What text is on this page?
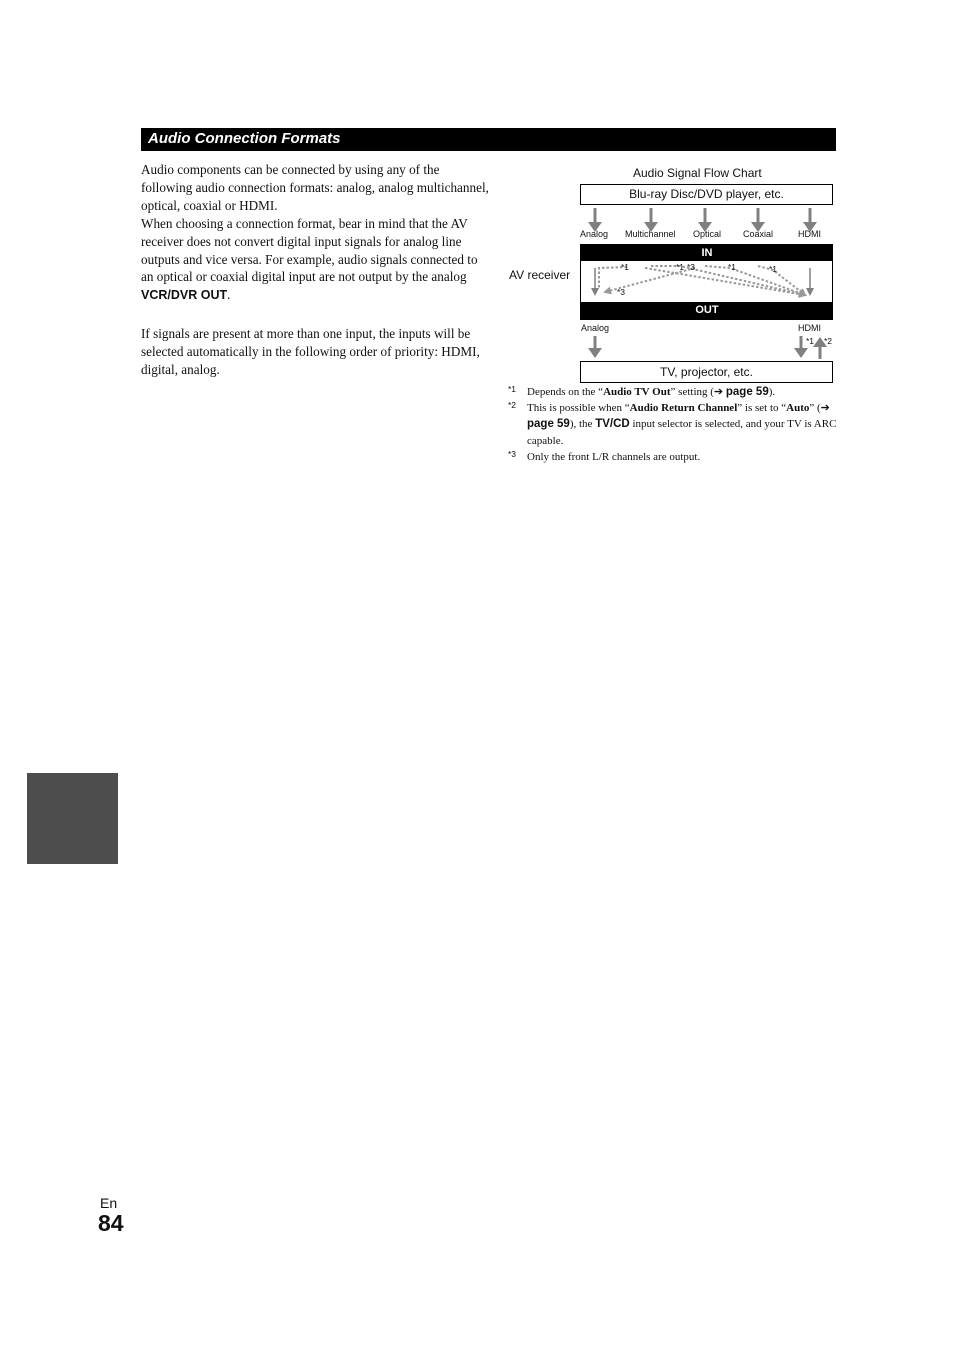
Audio Connection Formats
Audio components can be connected by using any of the following audio connection formats: analog, analog multichannel, optical, coaxial or HDMI.
When choosing a connection format, bear in mind that the AV receiver does not convert digital input signals for analog line outputs and vice versa. For example, audio signals connected to an optical or coaxial digital input are not output by the analog VCR/DVR OUT.
If signals are present at more than one input, the inputs will be selected automatically in the following order of priority: HDMI, digital, analog.
Audio Signal Flow Chart
Blu-ray Disc/DVD player, etc.
Analog Multichannel Optical Coaxial	HDMI
IN
OUT
AV receiver
*1	*1 *3	*1	*1
*3
Analog	HDMI
*1 *2
TV, projector, etc.
*1 Depends on the “Audio TV Out” setting (➔ page 59).
*2 This is possible when “Audio Return Channel” is set to “Auto” (➔ page 59), the TV/CD input selector is selected, and your TV is ARC capable.
*3 Only the front L/R channels are output.
En
84
